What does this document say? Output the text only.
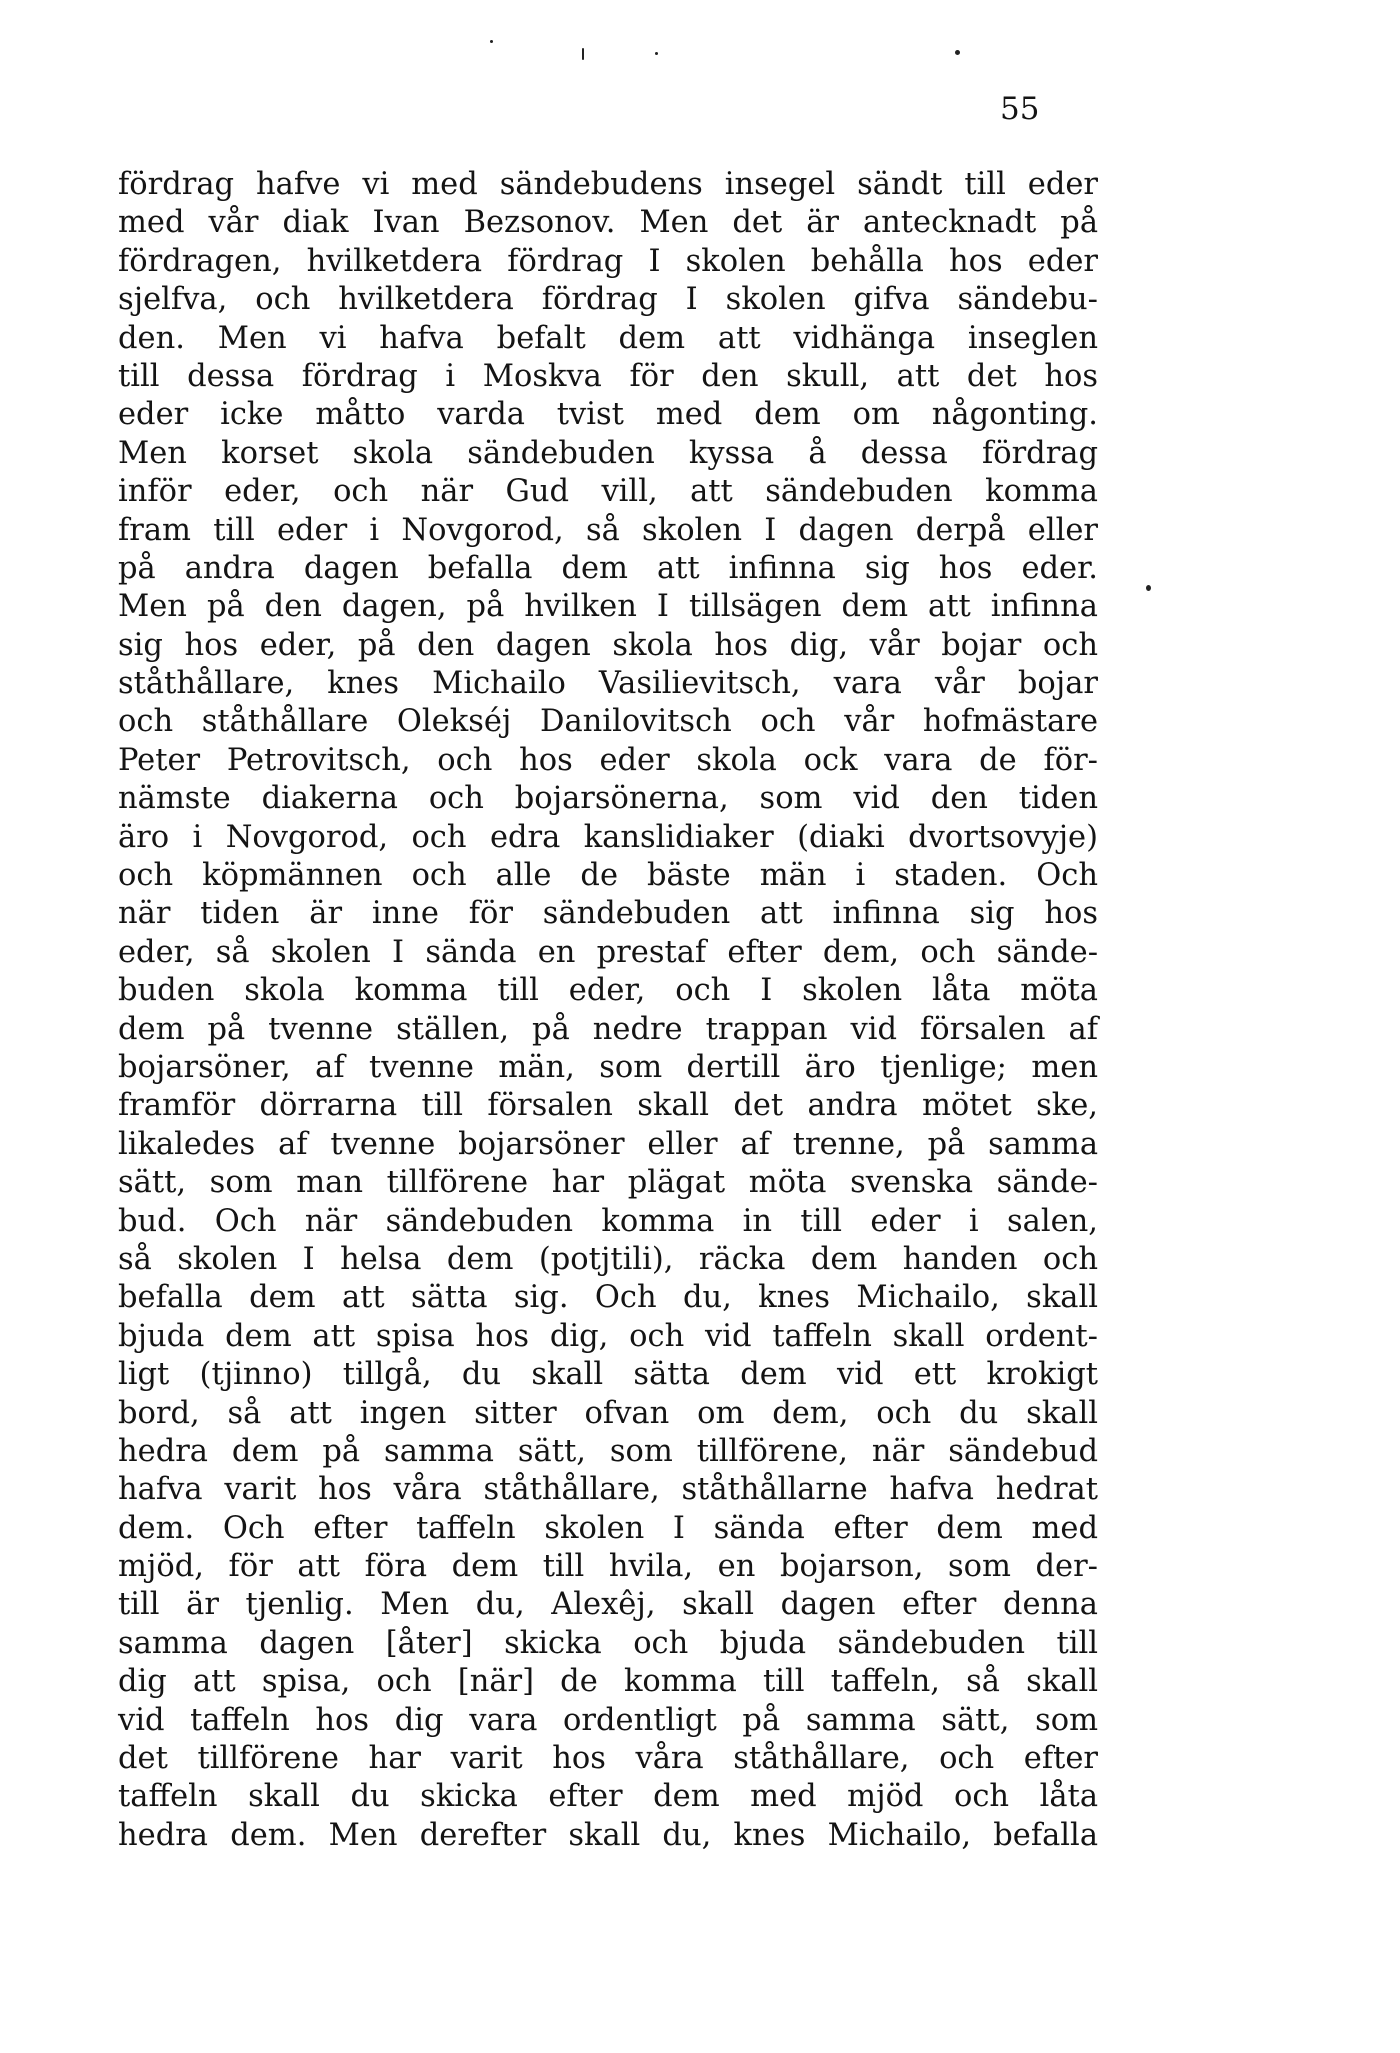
55
fördrag hafve vi med sändebudens insegel sändt till eder
med vår diak Ivan Bezsonov. Men det är antecknadt på
fördragen, hvilketdera fördrag I skolen behålla hos eder
sjelfva, och hvilketdera fördrag I skolen gifva sändebu-
den. Men vi hafva befalt dem att vidhänga inseglen
till dessa fördrag i Moskva för den skull, att det hos
eder icke måtto varda tvist med dem om någonting.
Men korset skola sändebuden kyssa å dessa fördrag
inför eder, och när Gud vill, att sändebuden komma
fram till eder i Novgorod, så skolen I dagen derpå eller
på andra dagen befalla dem att infinna sig hos eder.
Men på den dagen, på hvilken I tillsägen dem att infinna
sig hos eder, på den dagen skola hos dig, vår bojar och
ståthållare, knes Michailo Vasilievitsch, vara vår bojar
och ståthållare Olekséj Danilovitsch och vår hofmästare
Peter Petrovitsch, och hos eder skola ock vara de för-
nämste diakerna och bojarsönerna, som vid den tiden
äro i Novgorod, och edra kanslidiaker (diaki dvortsovyje)
och köpmännen och alle de bäste män i staden. Och
när tiden är inne för sändebuden att infinna sig hos
eder, så skolen I sända en prestaf efter dem, och sände-
buden skola komma till eder, och I skolen låta möta
dem på tvenne ställen, på nedre trappan vid försalen af
bojarsöner, af tvenne män, som dertill äro tjenlige; men
framför dörrarna till försalen skall det andra mötet ske,
likaledes af tvenne bojarsöner eller af trenne, på samma
sätt, som man tillförene har plägat möta svenska sände-
bud. Och när sändebuden komma in till eder i salen,
så skolen I helsa dem (potjtili), räcka dem handen och
befalla dem att sätta sig. Och du, knes Michailo, skall
bjuda dem att spisa hos dig, och vid taffeln skall ordent-
ligt (tjinno) tillgå, du skall sätta dem vid ett krokigt
bord, så att ingen sitter ofvan om dem, och du skall
hedra dem på samma sätt, som tillförene, när sändebud
hafva varit hos våra ståthållare, ståthållarne hafva hedrat
dem. Och efter taffeln skolen I sända efter dem med
mjöd, för att föra dem till hvila, en bojarson, som der-
till är tjenlig. Men du, Alexêj, skall dagen efter denna
samma dagen [åter] skicka och bjuda sändebuden till
dig att spisa, och [när] de komma till taffeln, så skall
vid taffeln hos dig vara ordentligt på samma sätt, som
det tillförene har varit hos våra ståthållare, och efter
taffeln skall du skicka efter dem med mjöd och låta
hedra dem. Men derefter skall du, knes Michailo, befalla
